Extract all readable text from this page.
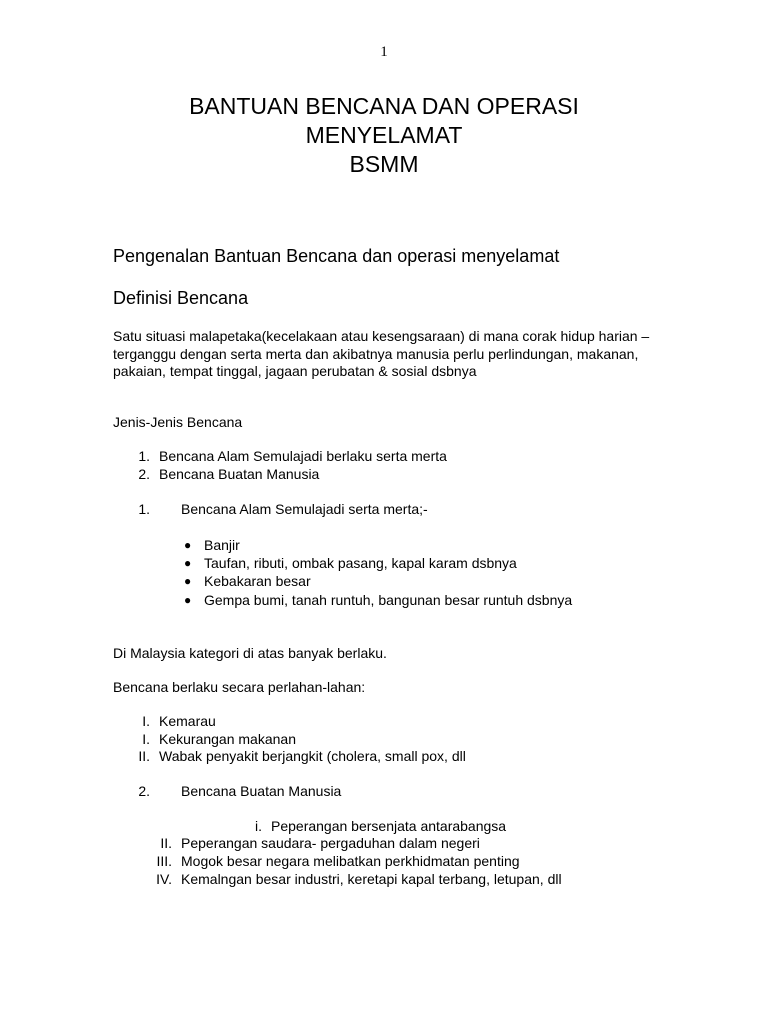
1
BANTUAN BENCANA DAN OPERASI
MENYELAMAT
BSMM
Pengenalan Bantuan Bencana dan operasi menyelamat
Definisi Bencana

Satu situasi malapetaka(kecelakaan atau kesengsaraan) di mana corak hidup harian – terganggu dengan serta merta dan akibatnya manusia perlu perlindungan, makanan, pakaian, tempat tinggal, jagaan perubatan & sosial dsbnya

Jenis-Jenis Bencana
1. Bencana Alam Semulajadi berlaku serta merta
2. Bencana Buatan Manusia
1. Bencana Alam Semulajadi serta merta;-
● Banjir
● Taufan, ributi, ombak pasang, kapal karam dsbnya
● Kebakaran besar
● Gempa bumi, tanah runtuh, bangunan besar runtuh dsbnya
Di Malaysia kategori di atas banyak berlaku.
Bencana berlaku secara perlahan-lahan:
I. Kemarau
I. Kekurangan makanan
II. Wabak penyakit berjangkit (cholera, small pox, dll
2. Bencana Buatan Manusia
i. Peperangan bersenjata antarabangsa
II. Peperangan saudara- pergaduhan dalam negeri
III. Mogok besar negara melibatkan perkhidmatan penting
IV. Kemalngan besar industri, keretapi kapal terbang, letupan, dll
